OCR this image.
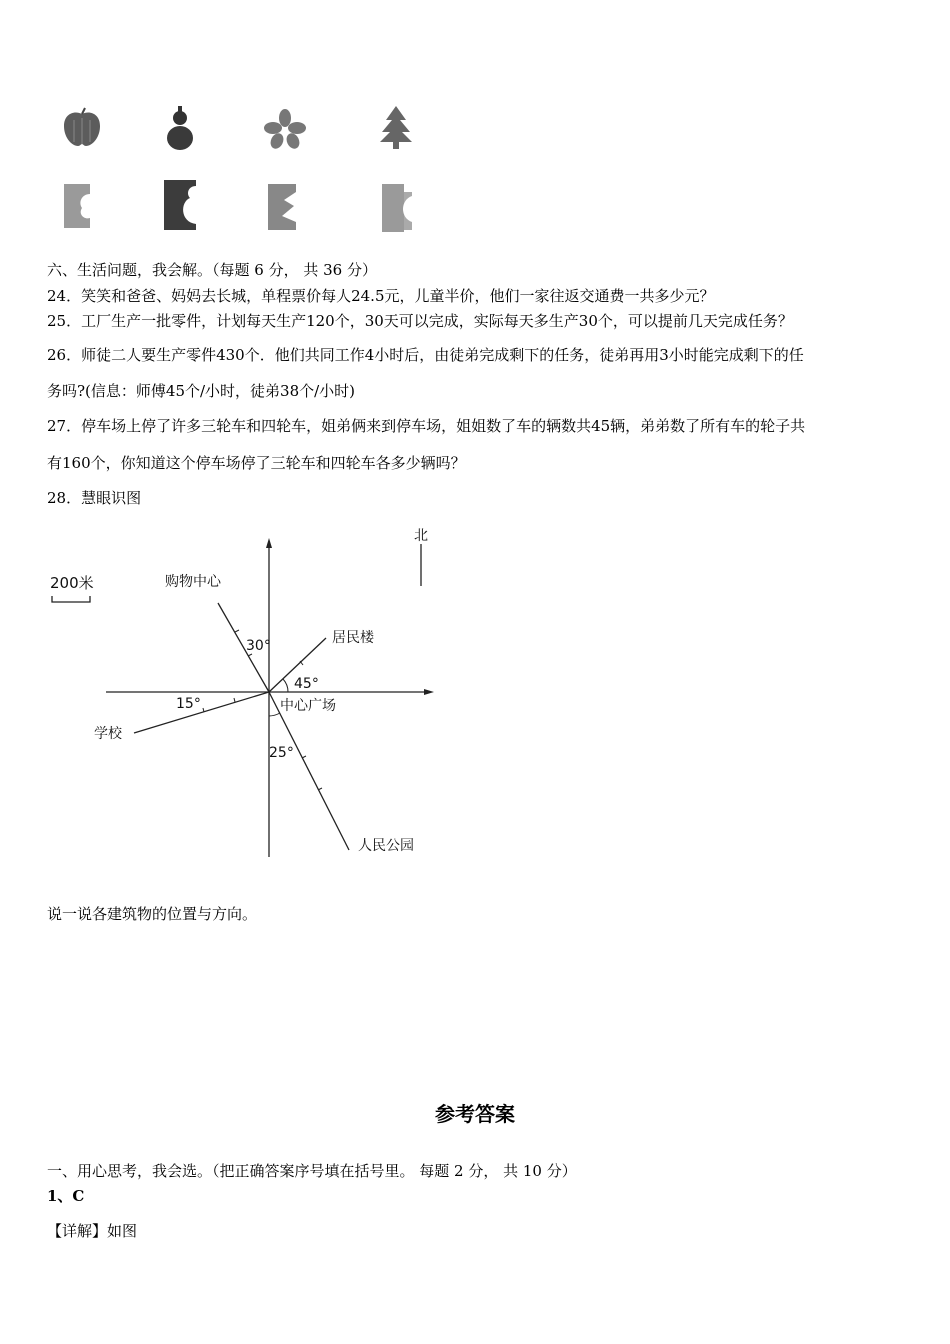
六、生活问题，我会解。（每题 6 分， 共 36 分）
24．笑笑和爸爸、妈妈去长城，单程票价每人24.5元，儿童半价，他们一家往返交通费一共多少元？
25．工厂生产一批零件，计划每天生产120个，30天可以完成，实际每天多生产30个，可以提前几天完成任务？
26．师徒二人要生产零件430个．他们共同工作4小时后，由徒弟完成剩下的任务，徒弟再用3小时能完成剩下的任
务吗?(信息：师傅45个/小时，徒弟38个/小时)
27．停车场上停了许多三轮车和四轮车，姐弟俩来到停车场，姐姐数了车的辆数共45辆，弟弟数了所有车的轮子共
有160个，你知道这个停车场停了三轮车和四轮车各多少辆吗？
28．慧眼识图
北
200米	购物中心
30°	居民楼
45°
学校
15°
人民公园
25°
中心广场
说一说各建筑物的位置与方向。
参考答案
一、用心思考，我会选。（把正确答案序号填在括号里。 每题 2 分， 共 10 分）
1、C
【详解】如图
